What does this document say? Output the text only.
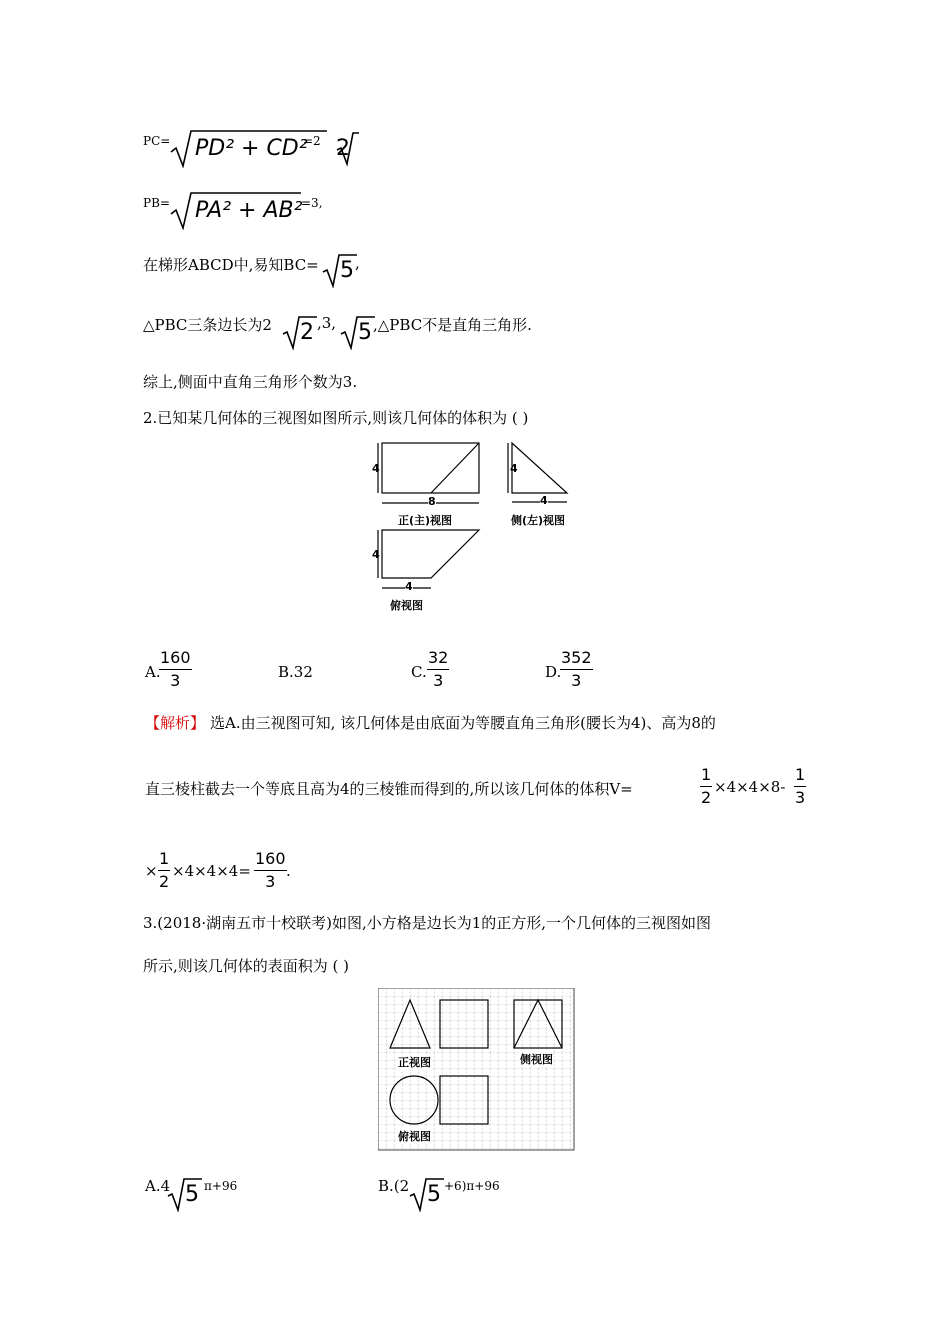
PC= PD² + CD²
=2 2
PB= PA² + AB²
=3,
在梯形ABCD中,易知BC= 5 ,
△PBC三条边长为2 2 ,3, 5 ,△PBC不是直角三角形.
综上,侧面中直角三角形个数为3.
2.已知某几何体的三视图如图所示,则该几何体的体积为 ( )
4
8
4
4
4
4
正(主)视图	侧(左)视图
俯视图
A.
$\frac{160}{3}$	B.32	C. $\frac{32}{3}$	D.
$\frac{352}{3}$
【解析】 选A.由三视图可知, 该几何体是由底面为等腰直角三角形(腰长为4)、高为8的
直三棱柱截去一个等底且高为4的三棱锥而得到的,所以该几何体的体积V=	$\frac{1}{2} \times 4\times 4\times 8- \frac{1}{3}$
× $\frac{1}{2} \times 4\times 4\times 4= \frac{160}{3}$ .
3.(2018·湖南五市十校联考)如图,小方格是边长为1的正方形,一个几何体的三视图如图
所示,则该几何体的表面积为 ( )
正视图	侧视图
俯视图
A.4 5 π+96	B.(2 5 +6)π+96
